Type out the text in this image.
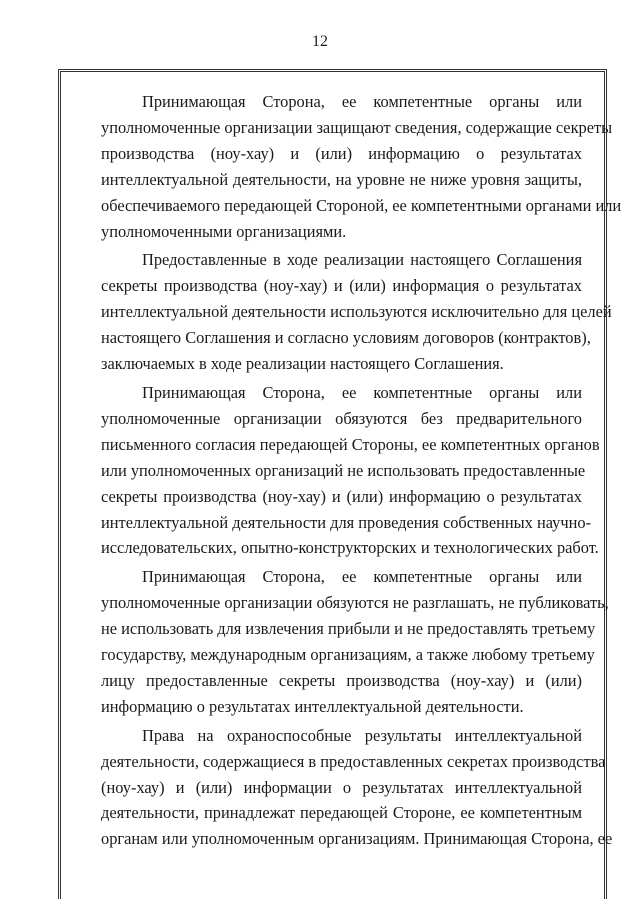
12

Принимающая Сторона, ее компетентные органы или
уполномоченные организации защищают сведения, содержащие секреты
производства (ноу-хау) и (или) информацию о результатах
интеллектуальной деятельности, на уровне не ниже уровня защиты,
обеспечиваемого передающей Стороной, ее компетентными органами или
уполномоченными организациями.

Предоставленные в ходе реализации настоящего Соглашения
секреты производства (ноу-хау) и (или) информация о результатах
интеллектуальной деятельности используются исключительно для целей
настоящего Соглашения и согласно условиям договоров (контрактов),
заключаемых в ходе реализации настоящего Соглашения.

Принимающая Сторона, ее компетентные органы или
уполномоченные организации обязуются без предварительного
письменного согласия передающей Стороны, ее компетентных органов
или уполномоченных организаций не использовать предоставленные
секреты производства (ноу-хау) и (или) информацию о результатах
интеллектуальной деятельности для проведения собственных научно-
исследовательских, опытно-конструкторских и технологических работ.

Принимающая Сторона, ее компетентные органы или
уполномоченные организации обязуются не разглашать, не публиковать,
не использовать для извлечения прибыли и не предоставлять третьему
государству, международным организациям, а также любому третьему
лицу предоставленные секреты производства (ноу-хау) и (или)
информацию о результатах интеллектуальной деятельности.

Права на охраноспособные результаты интеллектуальной
деятельности, содержащиеся в предоставленных секретах производства
(ноу-хау) и (или) информации о результатах интеллектуальной
деятельности, принадлежат передающей Стороне, ее компетентным
органам или уполномоченным организациям. Принимающая Сторона, ее
